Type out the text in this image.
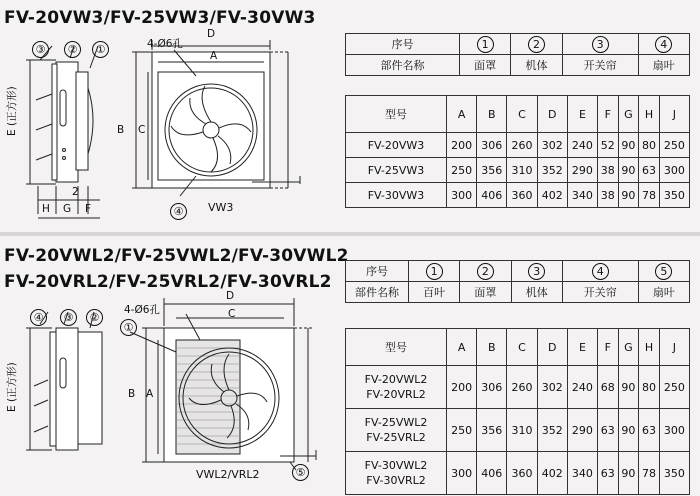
FV-20VW3/FV-25VW3/FV-30VW3
③	②	①
④
E (正方形)
H G F
2
D
A
B C
4-Ø6孔
VW3
序号	1	2	3	4
部件名称	面罩	机体	开关帘	扇叶
型号	A	B	C	D	E	F	G	H	J
FV-20VW3	200	306	260	302	240	52	90	80	250
FV-25VW3	250	356	310	352	290	38	90	63	300
FV-30VW3	300	406	360	402	340	38	90	78	350
FV-20VWL2/FV-25VWL2/FV-30VWL2
FV-20VRL2/FV-25VRL2/FV-30VRL2
④	③	②
①
⑤
E (正方形)
D
C
B A
4-Ø6孔
VWL2/VRL2
序号	1	2	3	4	5
部件名称	百叶	面罩	机体	开关帘	扇叶
型号	A	B	C	D	E	F	G	H	J

FV-20VWL2
FV-20VRL2	200	306	260	302	240	68	90	80	250

FV-25VWL2
FV-25VRL2	250	356	310	352	290	63	90	63	300

FV-30VWL2
FV-30VRL2	300	406	360	402	340	63	90	78	350
